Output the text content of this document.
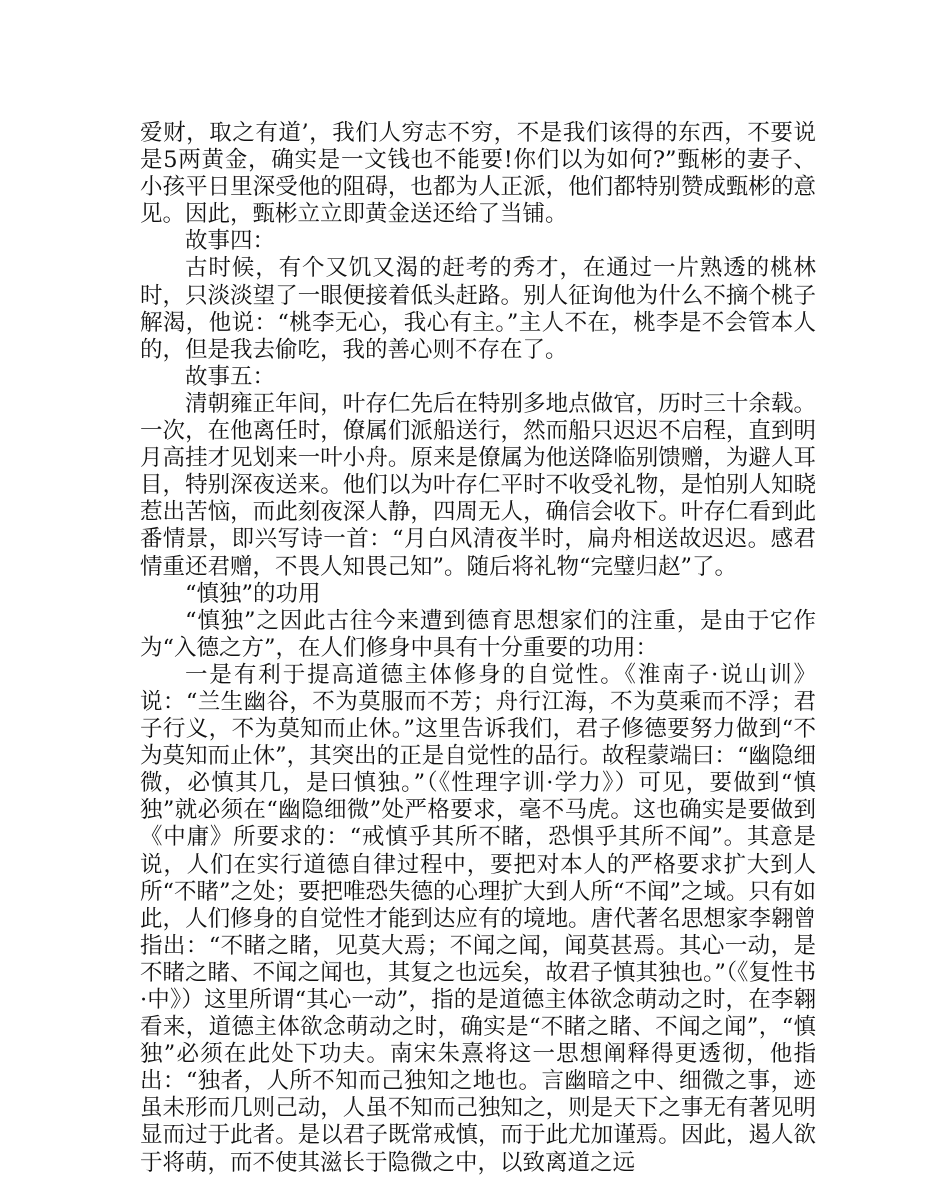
爱财，取之有道’，我们人穷志不穷，不是我们该得的东西，不要说是5两黄金，确实是一文钱也不能要!你们以为如何?”甄彬的妻子、小孩平日里深受他的阻碍，也都为人正派，他们都特别赞成甄彬的意见。因此，甄彬立立即黄金送还给了当铺。

故事四：

古时候，有个又饥又渴的赶考的秀才，在通过一片熟透的桃林时，只淡淡望了一眼便接着低头赶路。别人征询他为什么不摘个桃子解渴，他说：“桃李无心，我心有主。”主人不在，桃李是不会管本人的，但是我去偷吃，我的善心则不存在了。

故事五：

清朝雍正年间，叶存仁先后在特别多地点做官，历时三十余载。一次，在他离任时，僚属们派船送行，然而船只迟迟不启程，直到明月高挂才见划来一叶小舟。原来是僚属为他送降临别馈赠，为避人耳目，特别深夜送来。他们以为叶存仁平时不收受礼物，是怕别人知晓惹出苦恼，而此刻夜深人静，四周无人，确信会收下。叶存仁看到此番情景，即兴写诗一首：“月白风清夜半时，扁舟相送故迟迟。感君情重还君赠，不畏人知畏己知”。随后将礼物“完璧归赵”了。

“慎独”的功用

“慎独”之因此古往今来遭到德育思想家们的注重，是由于它作为“入德之方”，在人们修身中具有十分重要的功用：

一是有利于提高道德主体修身的自觉性。《淮南子·说山训》说：“兰生幽谷，不为莫服而不芳；舟行江海，不为莫乘而不浮；君子行义，不为莫知而止休。”这里告诉我们，君子修德要努力做到“不为莫知而止休”，其突出的正是自觉性的品行。故程蒙端曰：“幽隐细微，必慎其几，是曰慎独。”（《性理字训·学力》）可见，要做到“慎独”就必须在“幽隐细微”处严格要求，毫不马虎。这也确实是要做到《中庸》所要求的：“戒慎乎其所不睹，恐惧乎其所不闻”。其意是说，人们在实行道德自律过程中，要把对本人的严格要求扩大到人所“不睹”之处；要把唯恐失德的心理扩大到人所“不闻”之域。只有如此，人们修身的自觉性才能到达应有的境地。唐代著名思想家李翱曾指出：“不睹之睹，见莫大焉；不闻之闻，闻莫甚焉。其心一动，是不睹之睹、不闻之闻也，其复之也远矣，故君子慎其独也。”（《复性书·中》）这里所谓“其心一动”，指的是道德主体欲念萌动之时，在李翱看来，道德主体欲念萌动之时，确实是“不睹之睹、不闻之闻”，“慎独”必须在此处下功夫。南宋朱熹将这一思想阐释得更透彻，他指出：“独者，人所不知而己独知之地也。言幽暗之中、细微之事，迹虽未形而几则己动，人虽不知而己独知之，则是天下之事无有著见明显而过于此者。是以君子既常戒慎，而于此尤加谨焉。因此，遏人欲于将萌，而不使其滋长于隐微之中，以致离道之远
